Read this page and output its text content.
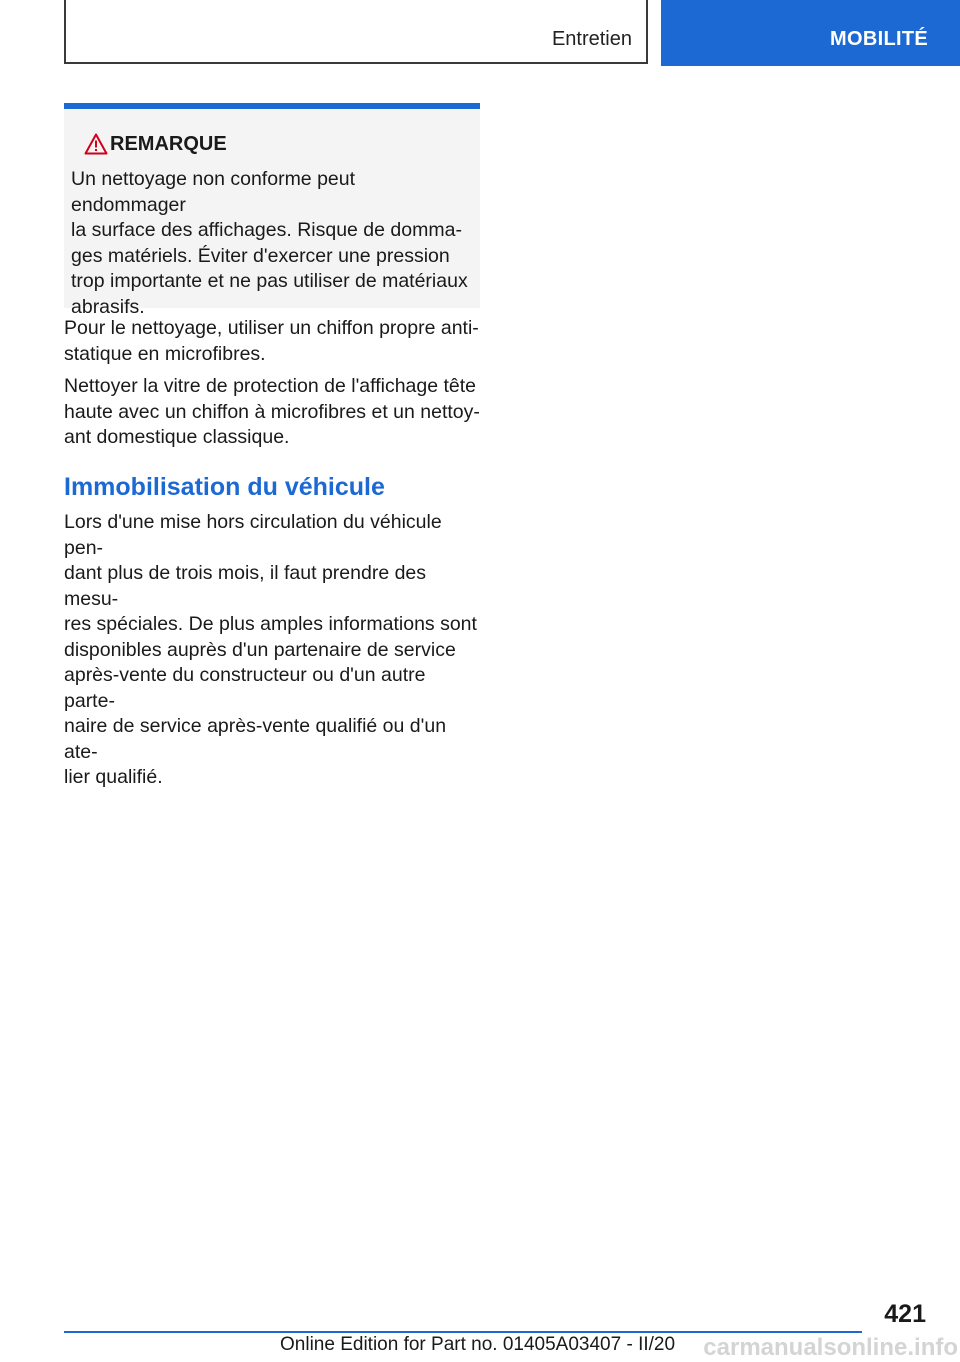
Entretien	MOBILITÉ
REMARQUE
Un nettoyage non conforme peut endommager
la surface des affichages. Risque de domma-
ges matériels. Éviter d'exercer une pression
trop importante et ne pas utiliser de matériaux
abrasifs.
Pour le nettoyage, utiliser un chiffon propre anti-
statique en microfibres.
Nettoyer la vitre de protection de l'affichage tête
haute avec un chiffon à microfibres et un nettoy-
ant domestique classique.
Immobilisation du véhicule
Lors d'une mise hors circulation du véhicule pen-
dant plus de trois mois, il faut prendre des mesu-
res spéciales. De plus amples informations sont
disponibles auprès d'un partenaire de service
après-vente du constructeur ou d'un autre parte-
naire de service après-vente qualifié ou d'un ate-
lier qualifié.
421
Online Edition for Part no. 01405A03407 - II/20 carmanualsonline.info
